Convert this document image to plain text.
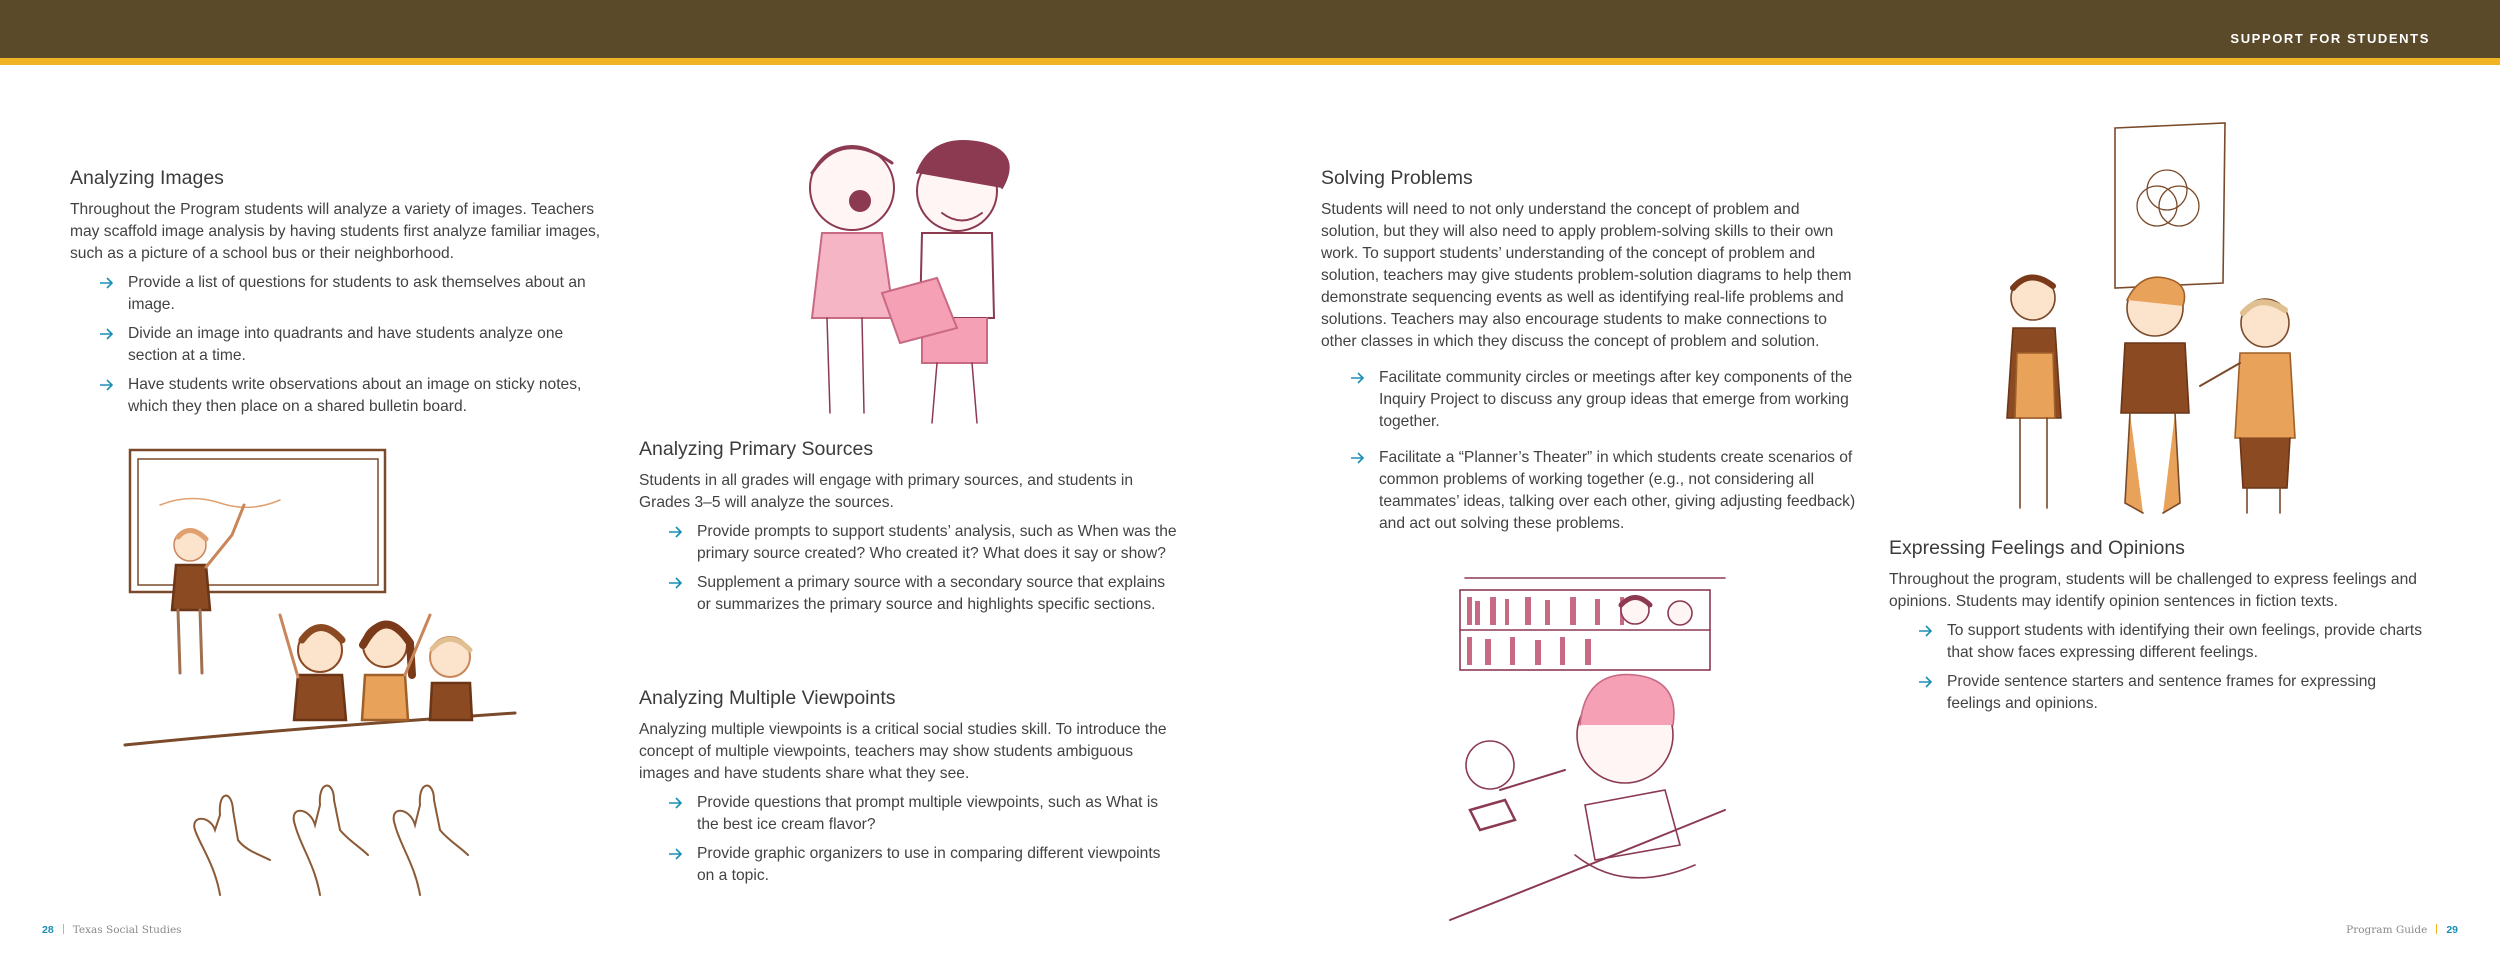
SUPPORT FOR STUDENTS
Analyzing Images

Throughout the Program students will analyze a variety of images. Teachers may scaffold image analysis by having students first analyze familiar images, such as a picture of a school bus or their neighborhood.

Provide a list of questions for students to ask themselves about an image.
Divide an image into quadrants and have students analyze one section at a time.
Have students write observations about an image on sticky notes, which they then place on a shared bulletin board.
Analyzing Primary Sources

Students in all grades will engage with primary sources, and students in Grades 3–5 will analyze the sources.

Provide prompts to support students’ analysis, such as When was the primary source created? Who created it? What does it say or show?
Supplement a primary source with a secondary source that explains or summarizes the primary source and highlights specific sections.
Analyzing Multiple Viewpoints

Analyzing multiple viewpoints is a critical social studies skill. To introduce the concept of multiple viewpoints, teachers may show students ambiguous images and have students share what they see.

Provide questions that prompt multiple viewpoints, such as What is the best ice cream flavor?
Provide graphic organizers to use in comparing different viewpoints on a topic.
Solving Problems

Students will need to not only understand the concept of problem and solution, but they will also need to apply problem-solving skills to their own work. To support students’ understanding of the concept of problem and solution, teachers may give students problem-solution diagrams to help them demonstrate sequencing events as well as identifying real-life problems and solutions. Teachers may also encourage students to make connections to other classes in which they discuss the concept of problem and solution.

Facilitate community circles or meetings after key components of the Inquiry Project to discuss any group ideas that emerge from working together.
Facilitate a “Planner’s Theater” in which students create scenarios of common problems of working together (e.g., not considering all teammates’ ideas, talking over each other, giving adjusting feedback) and act out solving these problems.
Expressing Feelings and Opinions

Throughout the program, students will be challenged to express feelings and opinions. Students may identify opinion sentences in fiction texts.

To support students with identifying their own feelings, provide charts that show faces expressing different feelings.
Provide sentence starters and sentence frames for expressing feelings and opinions.
28 Texas Social Studies	Program Guide 29
